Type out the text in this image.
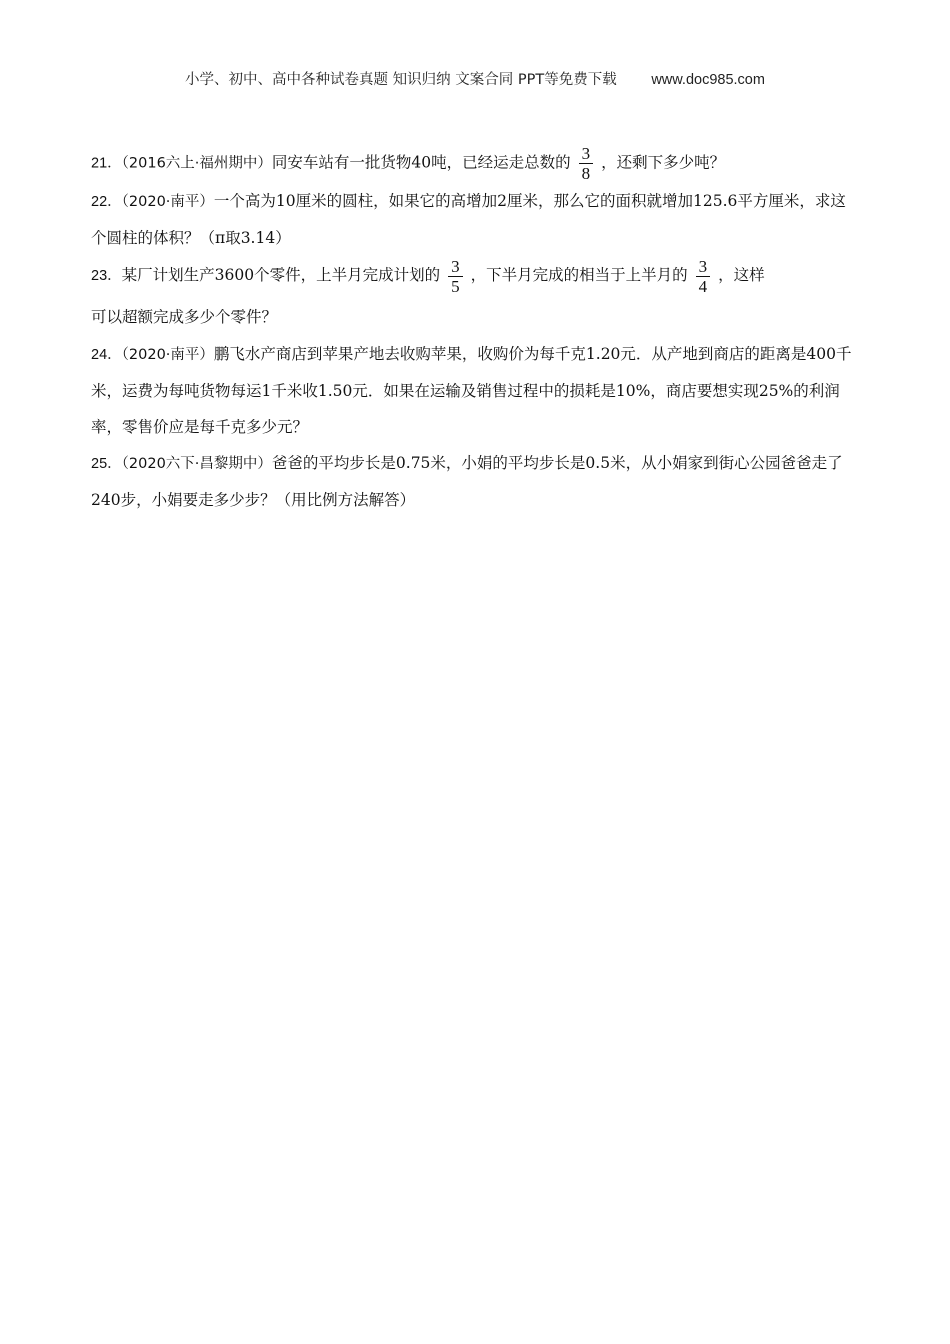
小学、初中、高中各种试卷真题 知识归纳 文案合同 PPT等免费下载 www.doc985.com

21．（2016六上·福州期中）同安车站有一批货物40吨，已经运走总数的 $\frac{3}{8}$ ，还剩下多少吨？

22．（2020·南平）一个高为10厘米的圆柱，如果它的高增加2厘米，那么它的面积就增加125.6平方厘米，求这个圆柱的体积？（π取3.14）

23．某厂计划生产3600个零件，上半月完成计划的 $\frac{3}{5}$ ，下半月完成的相当于上半月的 $\frac{3}{4}$ ，这样
可以超额完成多少个零件？

24．（2020·南平）鹏飞水产商店到苹果产地去收购苹果，收购价为每千克1.20元．从产地到商店的距离是400千米，运费为每吨货物每运1千米收1.50元．如果在运输及销售过程中的损耗是10%，商店要想实现25%的利润率，零售价应是每千克多少元？

25．（2020六下·昌黎期中）爸爸的平均步长是0.75米，小娟的平均步长是0.5米，从小娟家到街心公园爸爸走了240步，小娟要走多少步？（用比例方法解答）
